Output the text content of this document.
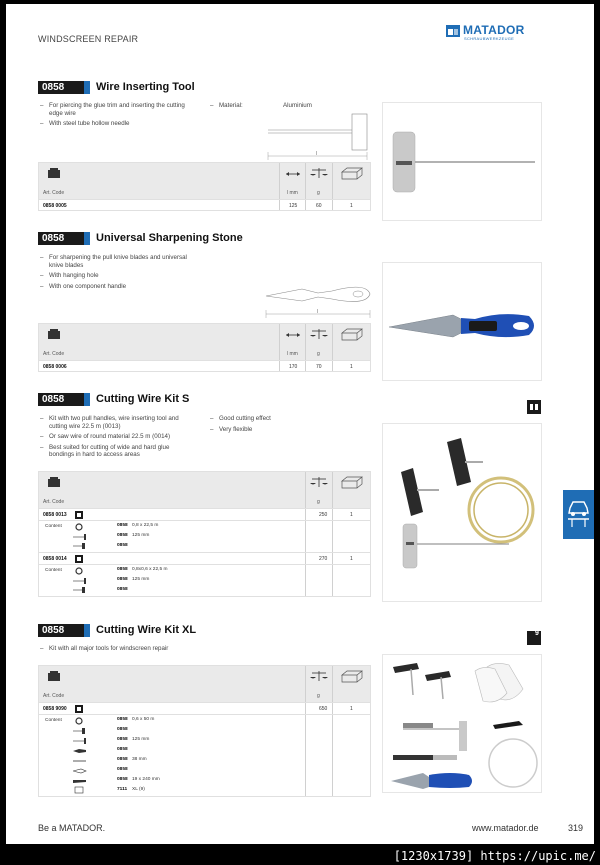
WINDSCREEN REPAIR
MATADOR
SCHRAUBWERKZEUGE
0858	Wire Inserting Tool
– For piercing the glue trim and inserting the cutting edge wire
– With steel tube hollow needle
– Material:	Aluminium
l
Art. Code	l mm	g
0858 0005	125	60	1
0858	Universal Sharpening Stone
– For sharpening the pull knive blades and universal knive blades
– With hanging hole
– With one component handle
l
Art. Code	l mm	g
0858 0006	170	70	1
0858	Cutting Wire Kit S
– Kit with two pull handles, wire inserting tool and cutting wire 22.5 m (0013)
– Or saw wire of round material 22.5 m (0014)
– Best suited for cutting of wide and hard glue bondings in hard to access areas
– Good cutting effect
– Very flexible
Art. Code	g
0858 0013	250	1
Content	0858 0,8 x 22,5 m
0858 125 mm
0858
0858 0014	270	1
Content	0858 0,8x0,6 x 22,5 m
0858 125 mm
0858
0858	Cutting Wire Kit XL	9
– Kit with all major tools for windscreen repair
Art. Code	g
0858 9090	650	1
Content	0858 0,6 x 50 m
0858
0858 125 mm
0858
0858 38 mm
0858
0858 19 x 240 mm
7111 XL (9)
Be a MATADOR.	www.matador.de	319
[1230x1739] https://upic.me/
